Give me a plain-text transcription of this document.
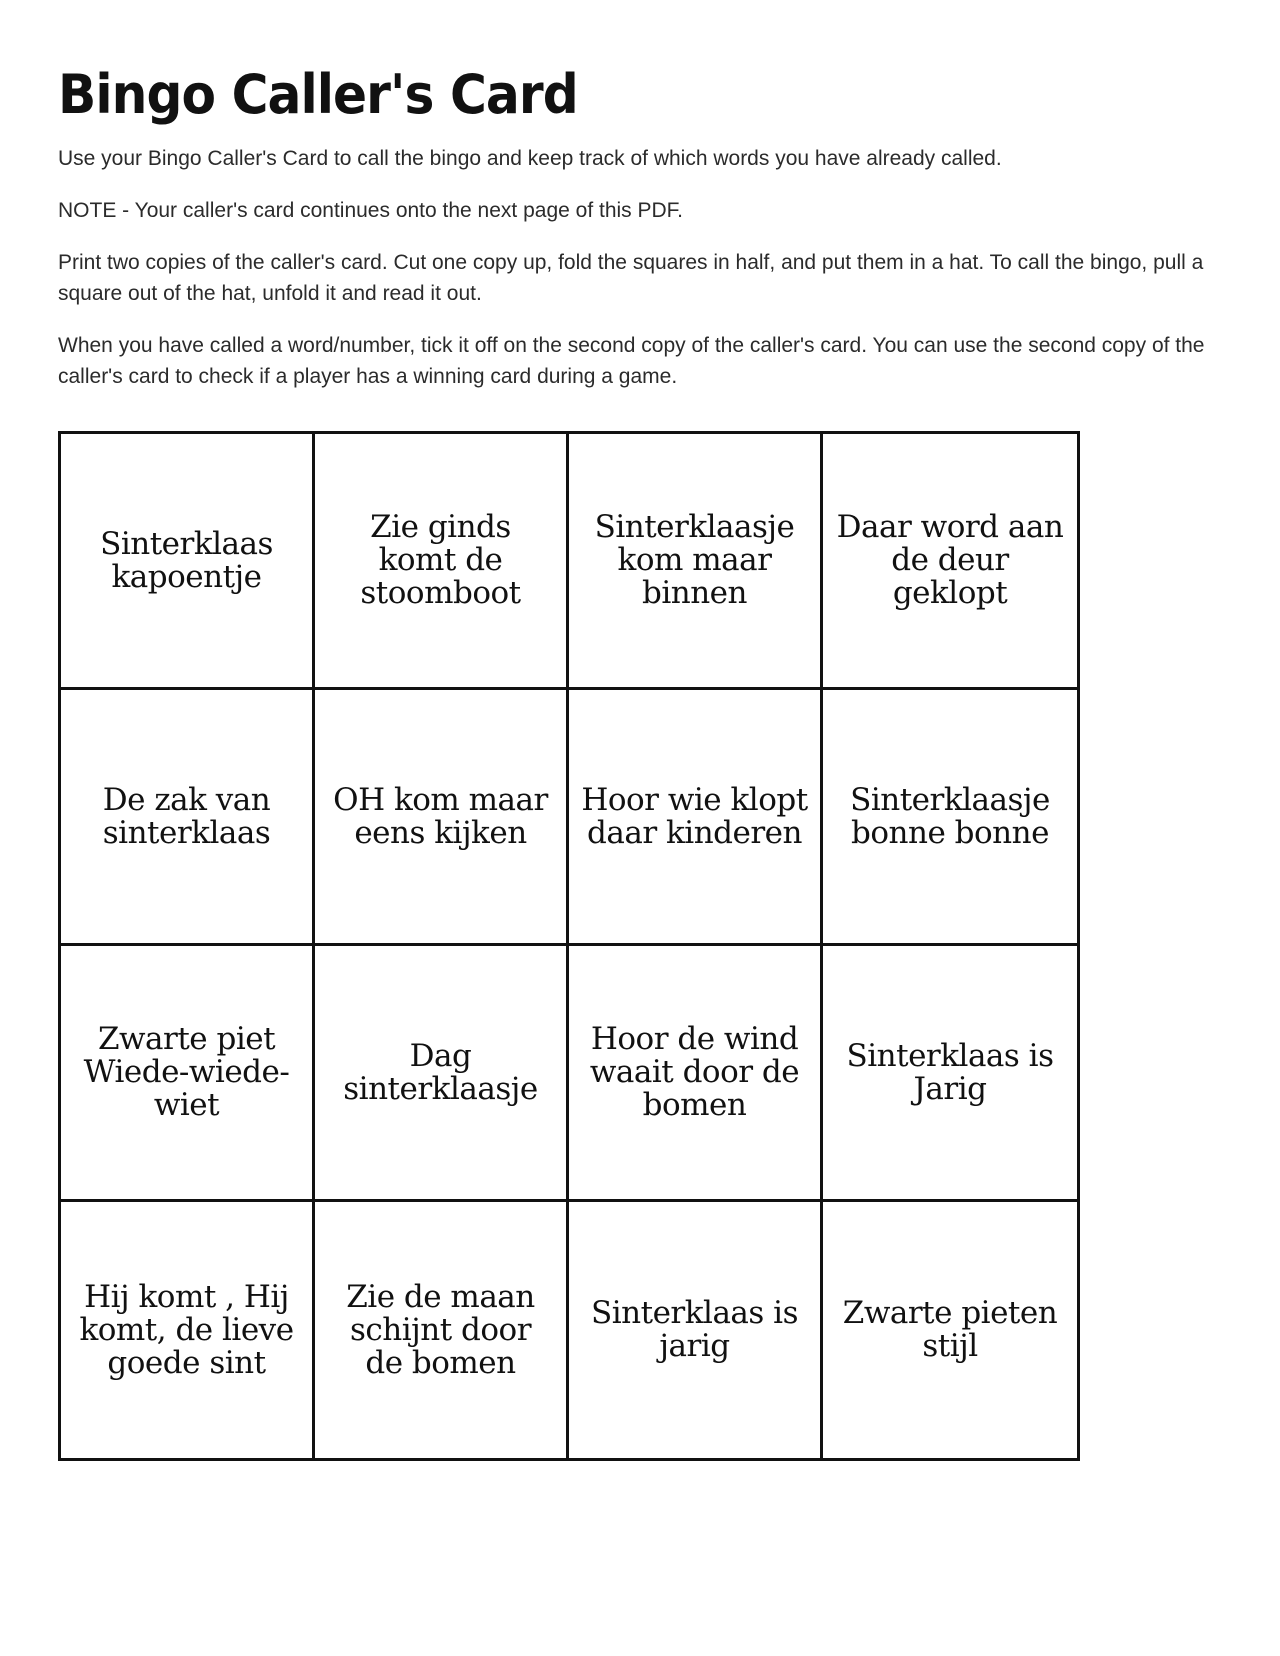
Bingo Caller's Card

Use your Bingo Caller's Card to call the bingo and keep track of which words you have already called.

NOTE - Your caller's card continues onto the next page of this PDF.

Print two copies of the caller's card. Cut one copy up, fold the squares in half, and put them in a hat. To call the bingo, pull a square out of the hat, unfold it and read it out.

When you have called a word/number, tick it off on the second copy of the caller's card. You can use the second copy of the caller's card to check if a player has a winning card during a game.

Sinterklaas kapoentje
Zie ginds komt de stoomboot
Sinterklaasje kom maar binnen
Daar word aan de deur geklopt
De zak van sinterklaas
OH kom maar eens kijken
Hoor wie klopt daar kinderen
Sinterklaasje bonne bonne
Zwarte piet Wiede-wiede-wiet
Dag sinterklaasje
Hoor de wind waait door de bomen
Sinterklaas is Jarig
Hij komt , Hij komt, de lieve goede sint
Zie de maan schijnt door de bomen
Sinterklaas is jarig
Zwarte pieten stijl
